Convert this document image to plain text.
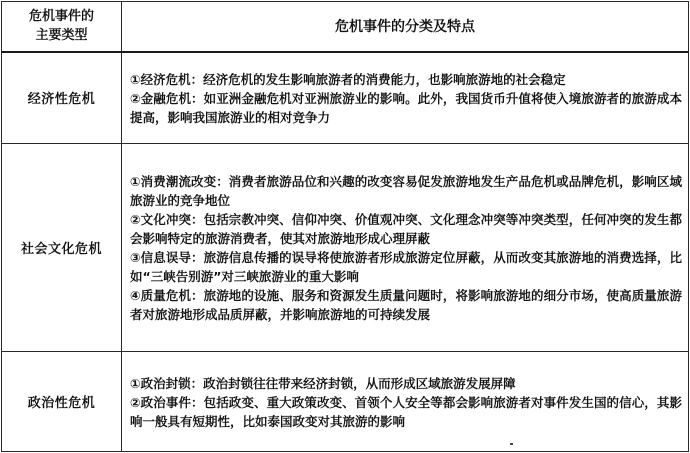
危机事件的
主要类型	危机事件的分类及特点
经济性危机	①经济危机：经济危机的发生影响旅游者的消费能力，也影响旅游地的社会稳定

②金融危机：如亚洲金融危机对亚洲旅游业的影响。此外，我国货币升值将使入境旅游者的旅游成本提高，影响我国旅游业的相对竞争力

社会文化危机	①消费潮流改变：消费者旅游品位和兴趣的改变容易促发旅游地发生产品危机或品牌危机，影响区域旅游业的竞争地位

②文化冲突：包括宗教冲突、信仰冲突、价值观冲突、文化理念冲突等冲突类型，任何冲突的发生都会影响特定的旅游消费者，使其对旅游地形成心理屏蔽

③信息误导：旅游信息传播的误导将使旅游者形成旅游定位屏蔽，从而改变其旅游地的消费选择，比如“三峡告别游”对三峡旅游业的重大影响

④质量危机：旅游地的设施、服务和资源发生质量问题时，将影响旅游地的细分市场，使高质量旅游者对旅游地形成品质屏蔽，并影响旅游地的可持续发展

政治性危机	①政治封锁：政治封锁往往带来经济封锁，从而形成区域旅游发展屏障

②政治事件：包括政变、重大政策改变、首领个人安全等都会影响旅游者对事件发生国的信心，其影响一般具有短期性，比如泰国政变对其旅游的影响
